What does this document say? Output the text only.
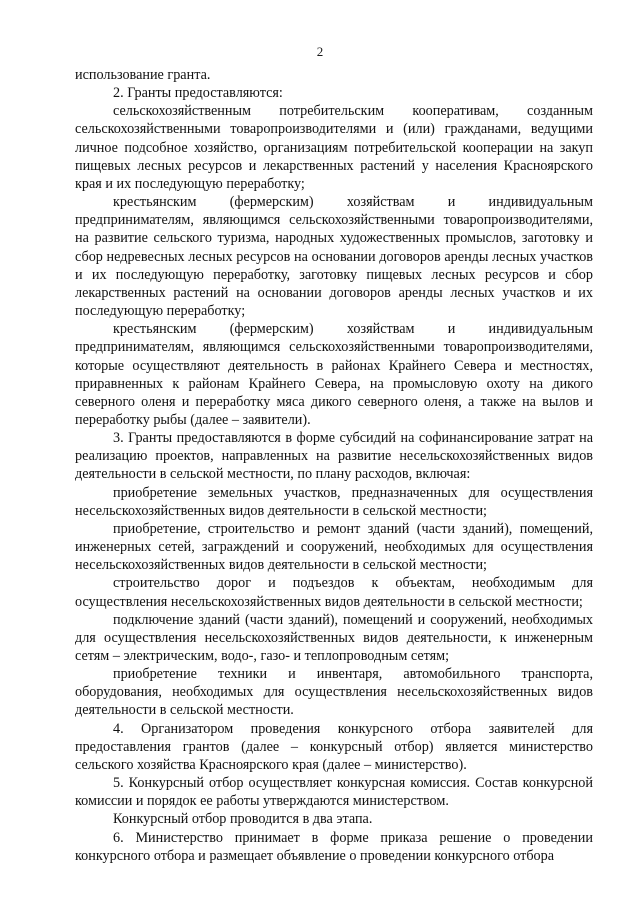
2

использование гранта.

2. Гранты предоставляются:

сельскохозяйственным потребительским кооперативам, созданным сельскохозяйственными товаропроизводителями и (или) гражданами, ведущими личное подсобное хозяйство, организациям потребительской кооперации на закуп пищевых лесных ресурсов и лекарственных растений у населения Красноярского края и их последующую переработку;

крестьянским (фермерским) хозяйствам и индивидуальным предпринимателям, являющимся сельскохозяйственными товаропроизводителями, на развитие сельского туризма, народных художественных промыслов, заготовку и сбор недревесных лесных ресурсов на основании договоров аренды лесных участков и их последующую переработку, заготовку пищевых лесных ресурсов и сбор лекарственных растений на основании договоров аренды лесных участков и их последующую переработку;

крестьянским (фермерским) хозяйствам и индивидуальным предпринимателям, являющимся сельскохозяйственными товаропроизводителями, которые осуществляют деятельность в районах Крайнего Севера и местностях, приравненных к районам Крайнего Севера, на промысловую охоту на дикого северного оленя и переработку мяса дикого северного оленя, а также на вылов и переработку рыбы (далее – заявители).

3. Гранты предоставляются в форме субсидий на софинансирование затрат на реализацию проектов, направленных на развитие несельскохозяйственных видов деятельности в сельской местности, по плану расходов, включая:

приобретение земельных участков, предназначенных для осуществления несельскохозяйственных видов деятельности в сельской местности;

приобретение, строительство и ремонт зданий (части зданий), помещений, инженерных сетей, заграждений и сооружений, необходимых для осуществления несельскохозяйственных видов деятельности в сельской местности;

строительство дорог и подъездов к объектам, необходимым для осуществления несельскохозяйственных видов деятельности в сельской местности;

подключение зданий (части зданий), помещений и сооружений, необходимых для осуществления несельскохозяйственных видов деятельности, к инженерным сетям – электрическим, водо-, газо- и теплопроводным сетям;

приобретение техники и инвентаря, автомобильного транспорта, оборудования, необходимых для осуществления несельскохозяйственных видов деятельности в сельской местности.

4. Организатором проведения конкурсного отбора заявителей для предоставления грантов (далее – конкурсный отбор) является министерство сельского хозяйства Красноярского края (далее – министерство).

5. Конкурсный отбор осуществляет конкурсная комиссия. Состав конкурсной комиссии и порядок ее работы утверждаются министерством.

Конкурсный отбор проводится в два этапа.

6. Министерство принимает в форме приказа решение о проведении конкурсного отбора и размещает объявление о проведении конкурсного отбора
